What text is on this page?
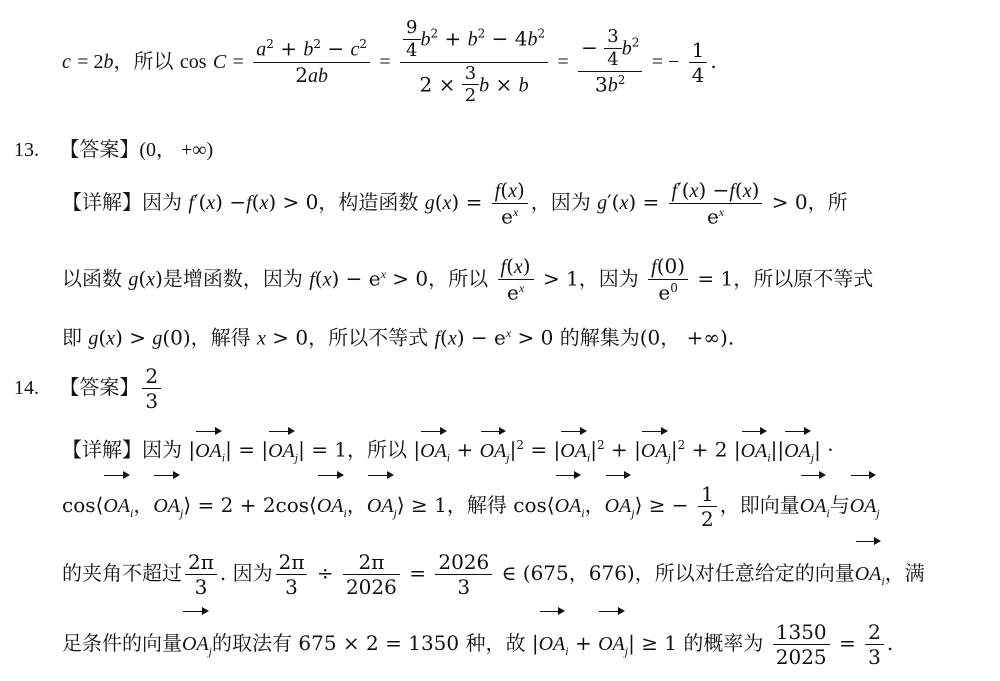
c = 2b，所以 $\cos C = \frac{a^2 + b^2 - c^2}{2ab} = \frac{\frac{9}{4} b^2 + b^2 - 4b^2}{2 \times \frac{3}{2} b \times b} = \frac{- \frac{3}{4} b^2}{3b^2}$ = − $\frac{1}{4}$ .
13. 【答案】(0， +∞)
【详解】因为 f′(x) −f(x) > 0，构造函数 $g(x) = \frac{f(x)}{e^x}$ ，因为 $g'(x) = \frac{f'(x) -f(x)}{e^x} > 0$，所
以函数 g(x)是增函数，因为 $f(x) - e^x > 0$，所以 $\frac{f(x)}{e^x} > 1$，因为 $\frac{f(0)}{e^0} = 1$，所以原不等式
即 g(x) > g(0)，解得 x > 0，所以不等式 $f(x) - e^x > 0$ 的解集为(0， +∞).
14. 【答案】 $\frac{2}{3}$
【详解】因为 $|OA_i| = |OA_j| = 1$，所以 $|OA_i + OA_j|^2 = |OA_i|^2 + |OA_j|^2 + 2$ $|OA_i||OA_j|$ ·
$\cos⟨OA_i$，$OA_j⟩ = 2$ + $2\cos⟨OA_i$，$OA_j⟩ \ge 1$，解得 $\cos⟨OA_i$，$OA_j⟩$ ≥ − $\frac{1}{2}$ ，即向量$OA_i$与$OA_j$
的夹角不超过 $\frac{2\pi}{3}$ . 因为 $\frac{2\pi}{3} \div \frac{2\pi}{2026} = \frac{2026}{3}$ ∈ (675，676)，所以对任意给定的向量$OA_i$，满
足条件的向量$OA_j$的取法有 675 × 2 = 1350 种，故 $|OA_i + OA_j| \ge 1$ 的概率为 $\frac{1350}{2025} = \frac{2}{3}$ .
